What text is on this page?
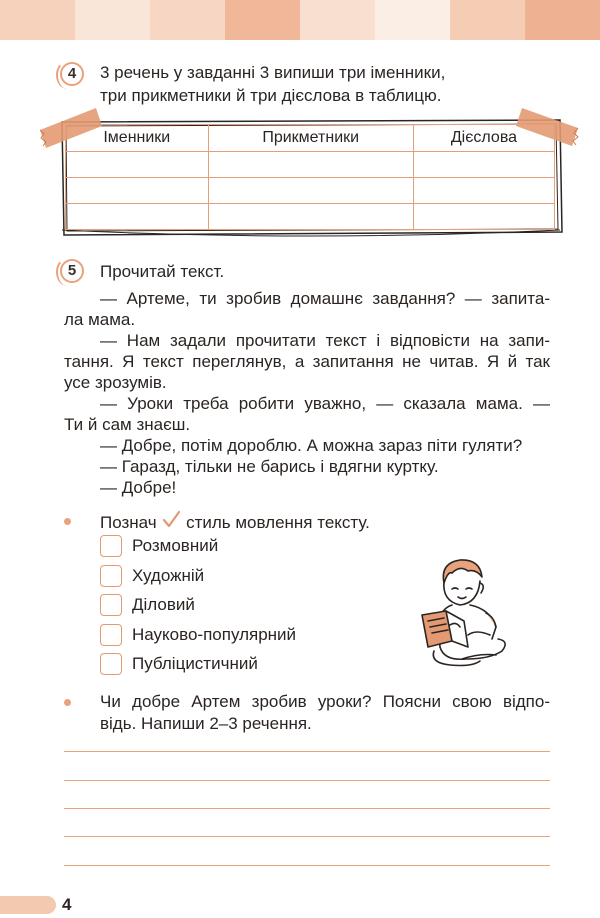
4	3 речень у завданні 3 випиши три іменники,
три прикметники й три дієслова в таблицю.
Іменники	Прикметники	Дієслова

5	Прочитай текст.
— Артеме, ти зробив домашнє завдання? — запита-
ла мама.
— Нам задали прочитати текст і відповісти на запи-
тання. Я текст переглянув, а запитання не читав. Я й так
усе зрозумів.
— Уроки треба робити уважно, — сказала мама. —
Ти й сам знаєш.
— Добре, потім дороблю. А можна зараз піти гуляти?
— Гаразд, тільки не барись і вдягни куртку.
— Добре!
Познач стиль мовлення тексту.
Розмовний
Художній
Діловий
Науково-популярний
Публіцистичний
Чи добре Артем зробив уроки? Поясни свою відпо-
відь. Напиши 2–3 речення.
4
